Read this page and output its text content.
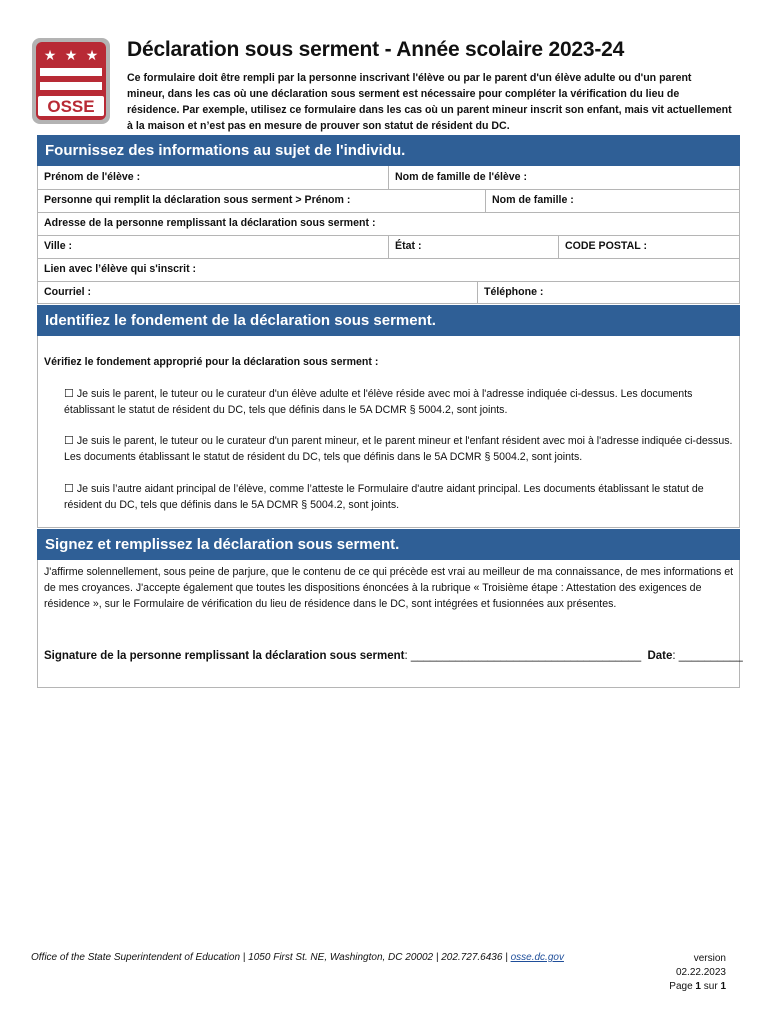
★ ★ ★
OSSE
Déclaration sous serment - Année scolaire 2023-24
Ce formulaire doit être rempli par la personne inscrivant l'élève ou par le parent d'un élève adulte ou d'un parent mineur, dans les cas où une déclaration sous serment est nécessaire pour compléter la vérification du lieu de résidence. Par exemple, utilisez ce formulaire dans les cas où un parent mineur inscrit son enfant, mais vit actuellement à la maison et n’est pas en mesure de prouver son statut de résident du DC.
Fournissez des informations au sujet de l'individu.
Prénom de l'élève :	Nom de famille de l'élève :
Personne qui remplit la déclaration sous serment > Prénom :	Nom de famille :
Adresse de la personne remplissant la déclaration sous serment :
Ville :	État :	CODE POSTAL :
Lien avec l’élève qui s'inscrit :
Courriel :	Téléphone :
Identifiez le fondement de la déclaration sous serment.
Vérifiez le fondement approprié pour la déclaration sous serment :
☐ Je suis le parent, le tuteur ou le curateur d'un élève adulte et l'élève réside avec moi à l'adresse indiquée ci-dessus. Les documents établissant le statut de résident du DC, tels que définis dans le 5A DCMR § 5004.2, sont joints.
☐ Je suis le parent, le tuteur ou le curateur d'un parent mineur, et le parent mineur et l'enfant résident avec moi à l'adresse indiquée ci-dessus. Les documents établissant le statut de résident du DC, tels que définis dans le 5A DCMR § 5004.2, sont joints.
☐ Je suis l’autre aidant principal de l’élève, comme l’atteste le Formulaire d'autre aidant principal. Les documents établissant le statut de résident du DC, tels que définis dans le 5A DCMR § 5004.2, sont joints.
Signez et remplissez la déclaration sous serment.
J'affirme solennellement, sous peine de parjure, que le contenu de ce qui précède est vrai au meilleur de ma connaissance, de mes informations et de mes croyances. J'accepte également que toutes les dispositions énoncées à la rubrique « Troisième étape : Attestation des exigences de résidence », sur le Formulaire de vérification du lieu de résidence dans le DC, sont intégrées et fusionnées aux présentes.
Signature de la personne remplissant la déclaration sous serment: ____________________________________ Date: __________
Office of the State Superintendent of Education | 1050 First St. NE, Washington, DC 20002 | 202.727.6436 | osse.dc.gov	version
02.22.2023
Page 1 sur 1
